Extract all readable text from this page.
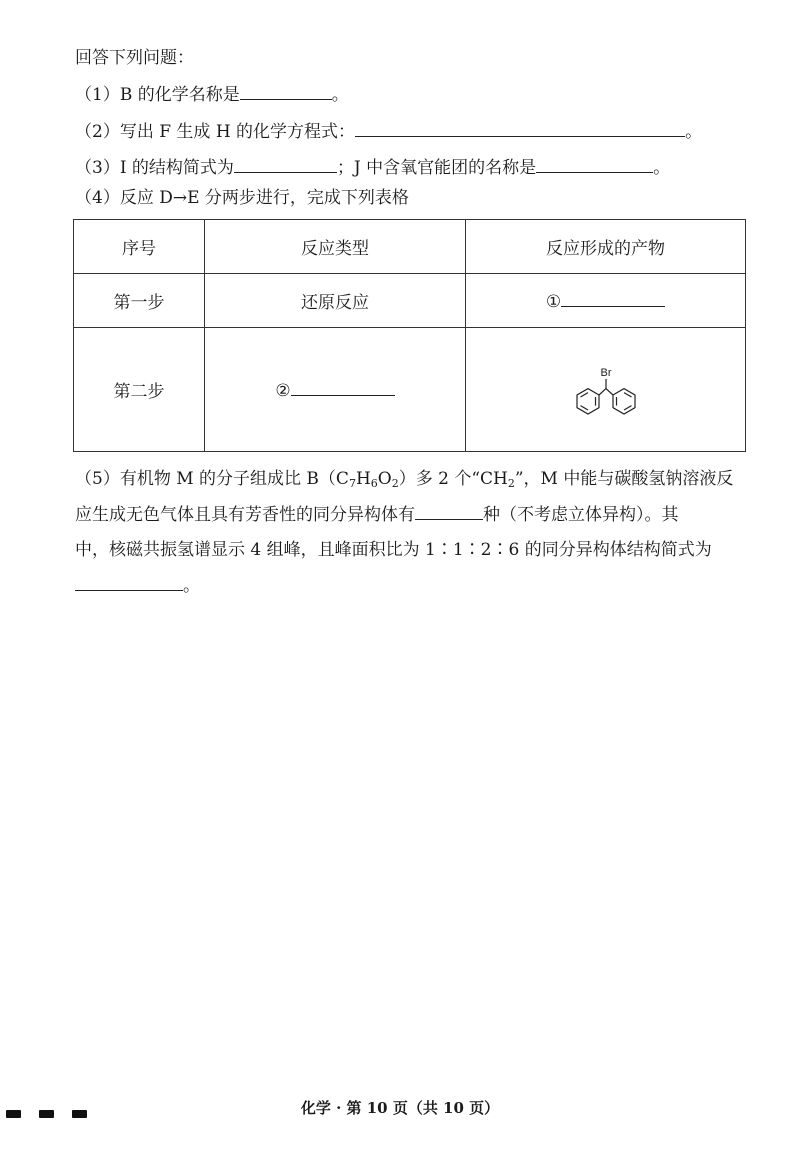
回答下列问题：
（1）B 的化学名称是	。
（2）写出 F 生成 H 的化学方程式：	。
（3）I 的结构简式为	；J 中含氧官能团的名称是	。
（4）反应 D→E 分两步进行，完成下列表格
序号	反应类型	反应形成的产物
第一步	还原反应	①
第二步	②	Br
（5）有机物 M 的分子组成比 $B(C_7H_6O_2)$多 2 个“$CH_2$”，M 中能与碳酸氢钠溶液反
应生成无色气体且具有芳香性的同分异构体有	种（不考虑立体异构）。其
中，核磁共振氢谱显示 4 组峰，且峰面积比为 1∶1∶2∶6 的同分异构体结构简式为
。
化学 · 第 10 页（共 10 页）
